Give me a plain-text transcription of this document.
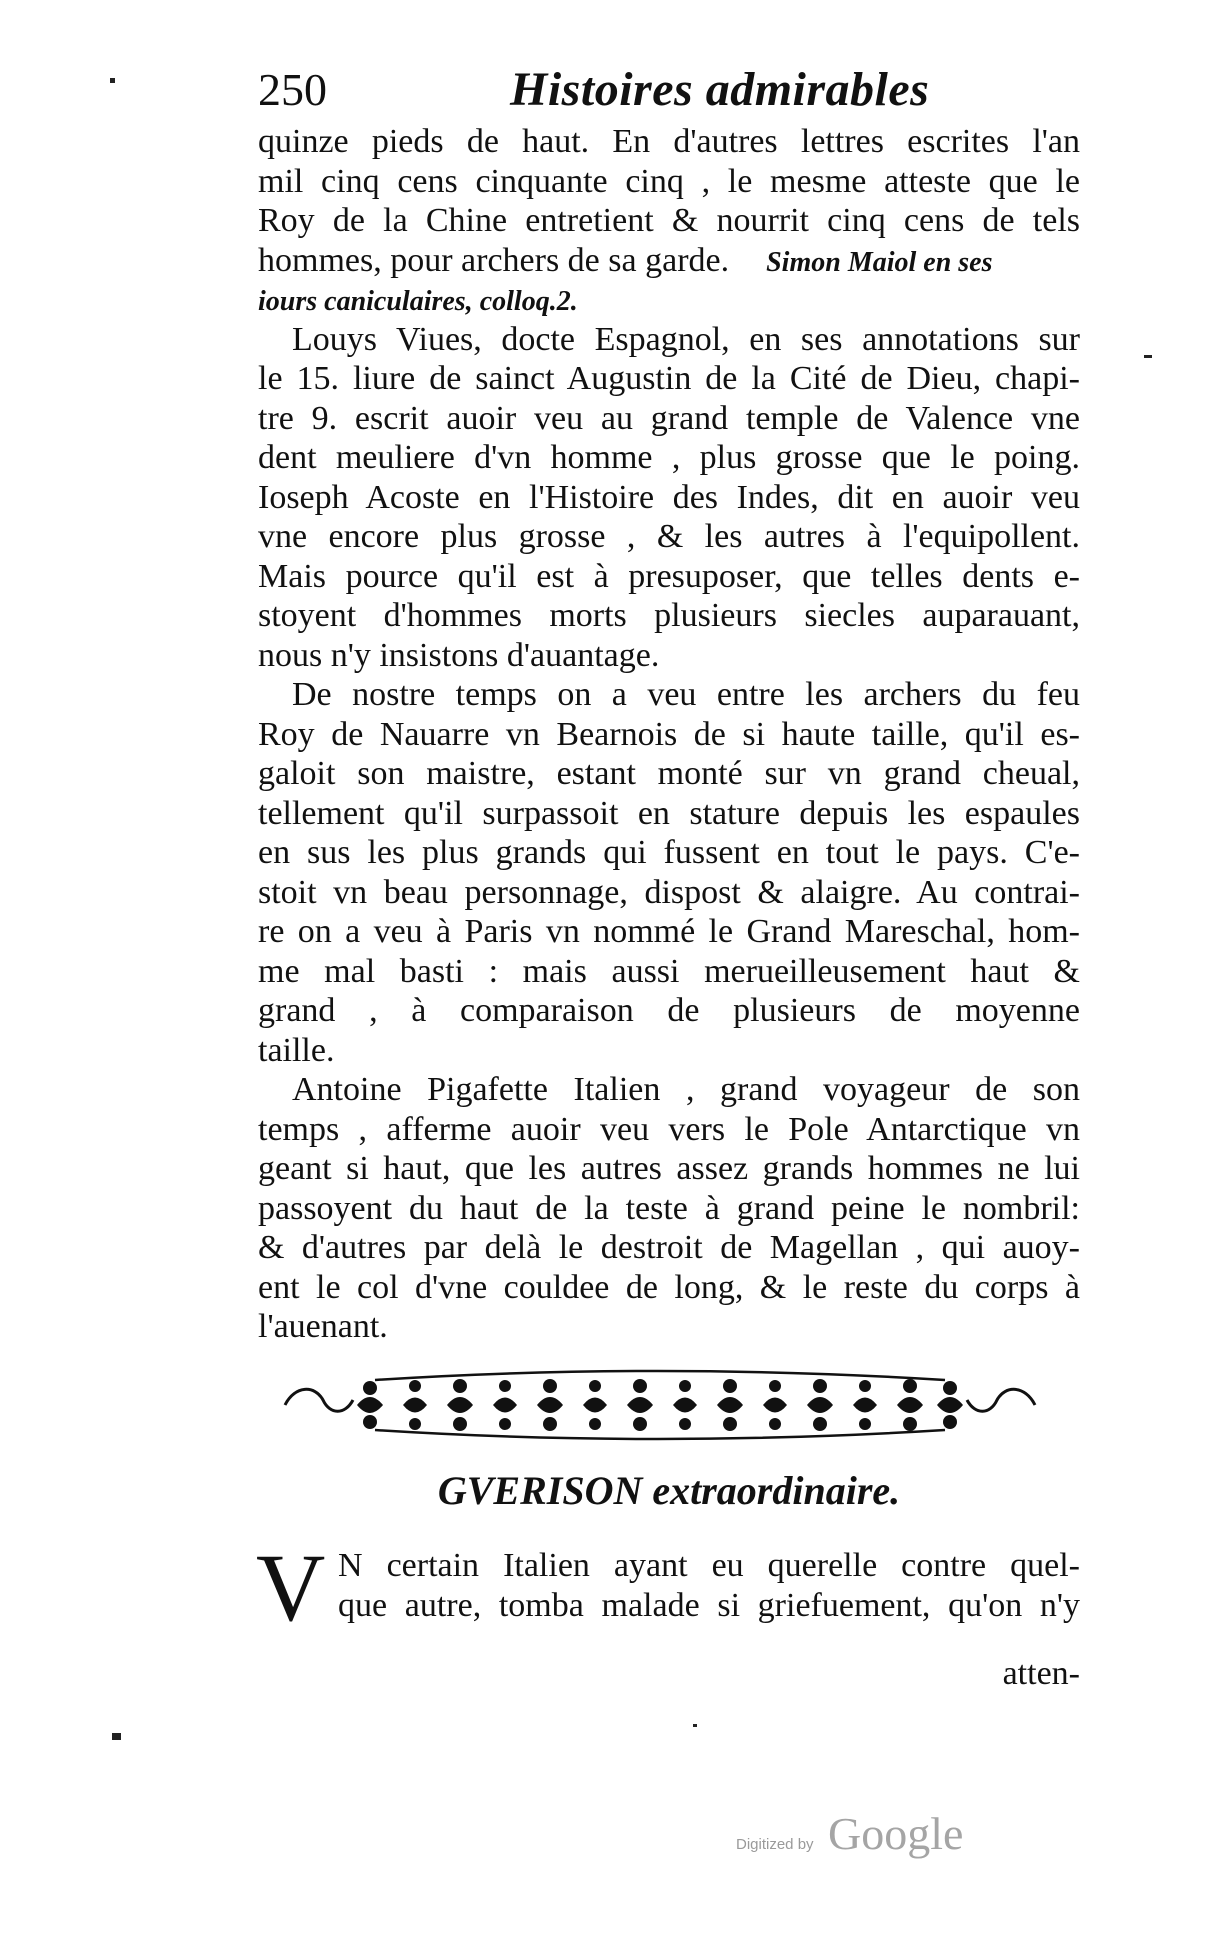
250	Histoires admirables
quinze pieds de haut. En d'autres lettres escrites l'an
mil cinq cens cinquante cinq , le mesme atteste que le
Roy de la Chine entretient & nourrit cinq cens de tels
hommes, pour archers de sa garde. Simon Maiol en ses
iours caniculaires, colloq.2.
Louys Viues, docte Espagnol, en ses annotations sur
le 15. liure de sainct Augustin de la Cité de Dieu, chapi-
tre 9. escrit auoir veu au grand temple de Valence vne
dent meuliere d'vn homme , plus grosse que le poing.
Ioseph Acoste en l'Histoire des Indes, dit en auoir veu
vne encore plus grosse , & les autres à l'equipollent.
Mais pource qu'il est à presuposer, que telles dents e-
stoyent d'hommes morts plusieurs siecles auparauant,
nous n'y insistons d'auantage.
De nostre temps on a veu entre les archers du feu
Roy de Nauarre vn Bearnois de si haute taille, qu'il es-
galoit son maistre, estant monté sur vn grand cheual,
tellement qu'il surpassoit en stature depuis les espaules
en sus les plus grands qui fussent en tout le pays. C'e-
stoit vn beau personnage, dispost & alaigre. Au contrai-
re on a veu à Paris vn nommé le Grand Mareschal, hom-
me mal basti : mais aussi merueilleusement haut &
grand , à comparaison de plusieurs de moyenne
taille.
Antoine Pigafette Italien , grand voyageur de son
temps , afferme auoir veu vers le Pole Antarctique vn
geant si haut, que les autres assez grands hommes ne lui
passoyent du haut de la teste à grand peine le nombril:
& d'autres par delà le destroit de Magellan , qui auoy-
ent le col d'vne couldee de long, & le reste du corps à
l'auenant.
GVERISON extraordinaire.
V N certain Italien ayant eu querelle contre quel-
que autre, tomba malade si griefuement, qu'on n'y
atten-
Digitized by Google
